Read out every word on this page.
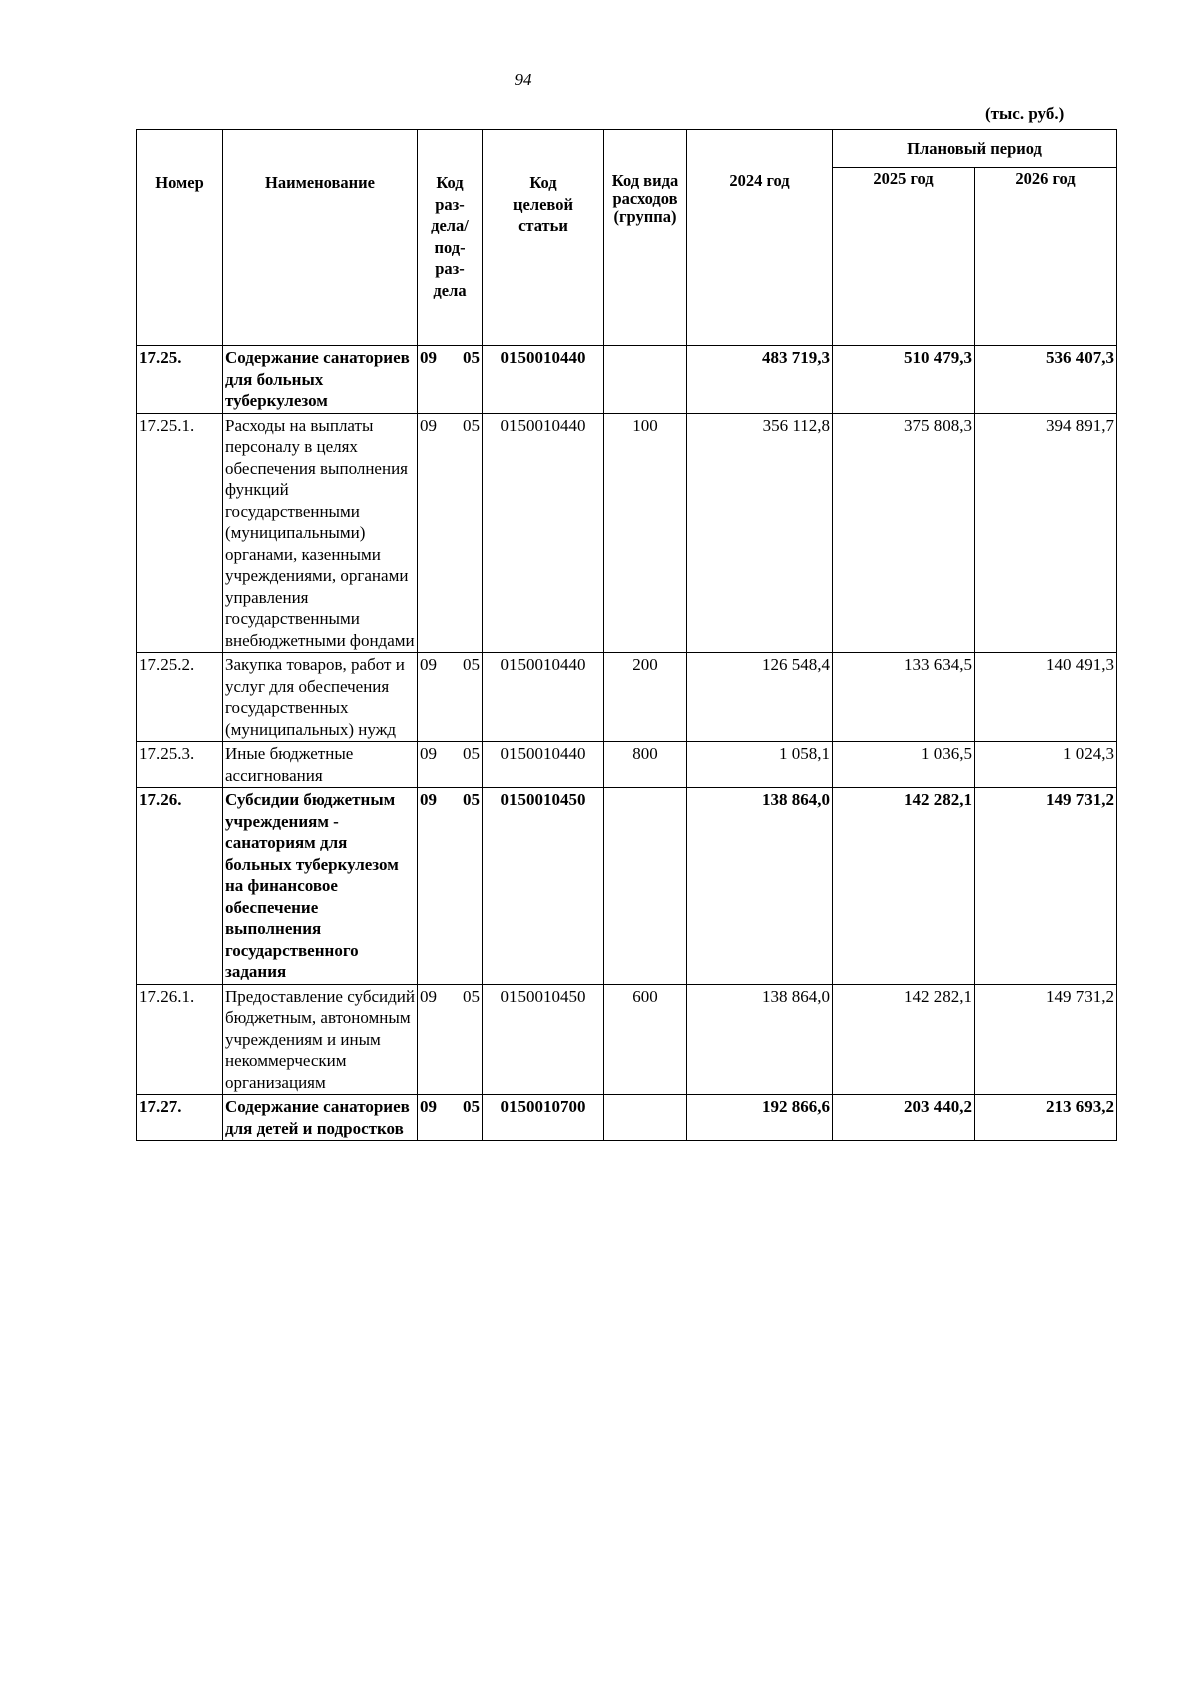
94
(тыс. руб.)
Номер	Наименование	Код раз-дела/ под-раз-дела	Код целевой статьи	Код вида расходов (группа)	2024 год	Плановый период	
						2025 год	2026 год
17.25.	Содержание санаториев для больных туберкулезом	09 05	0150010440		483 719,3	510 479,3	536 407,3
17.25.1.	Расходы на выплаты персоналу в целях обеспечения выполнения функций государственными (муниципальными) органами, казенными учреждениями, органами управления государственными внебюджетными фондами	09 05	0150010440	100	356 112,8	375 808,3	394 891,7
17.25.2.	Закупка товаров, работ и услуг для обеспечения государственных (муниципальных) нужд	09 05	0150010440	200	126 548,4	133 634,5	140 491,3
17.25.3.	Иные бюджетные ассигнования	09 05	0150010440	800	1 058,1	1 036,5	1 024,3
17.26.	Субсидии бюджетным учреждениям - санаториям для больных туберкулезом на финансовое обеспечение выполнения государственного задания	09 05	0150010450		138 864,0	142 282,1	149 731,2
17.26.1.	Предоставление субсидий бюджетным, автономным учреждениям и иным некоммерческим организациям	09 05	0150010450	600	138 864,0	142 282,1	149 731,2
17.27.	Содержание санаториев для детей и подростков	09 05	0150010700		192 866,6	203 440,2	213 693,2
